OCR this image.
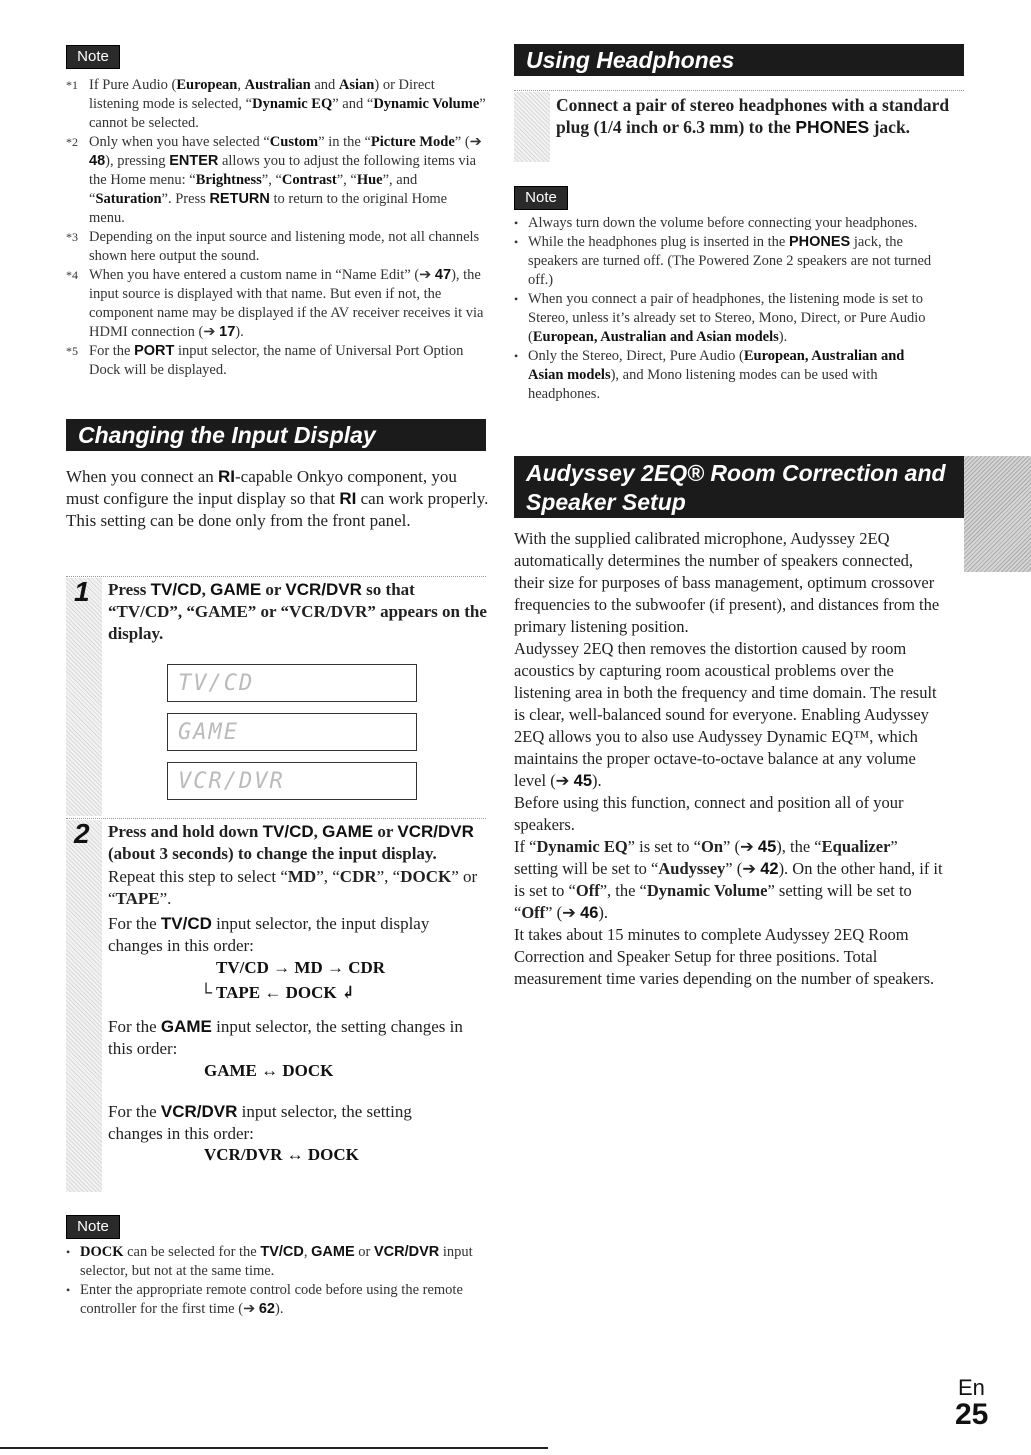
Note
*1 If Pure Audio (European, Australian and Asian) or Direct listening mode is selected, “Dynamic EQ” and “Dynamic Volume” cannot be selected.
*2 Only when you have selected “Custom” in the “Picture Mode” (➔ 48), pressing ENTER allows you to adjust the following items via the Home menu: “Brightness”, “Contrast”, “Hue”, and “Saturation”. Press RETURN to return to the original Home menu.
*3 Depending on the input source and listening mode, not all channels shown here output the sound.
*4 When you have entered a custom name in “Name Edit” (➔ 47), the input source is displayed with that name. But even if not, the component name may be displayed if the AV receiver receives it via HDMI connection (➔ 17).
*5 For the PORT input selector, the name of Universal Port Option Dock will be displayed.
Changing the Input Display
When you connect an RI-capable Onkyo component, you must configure the input display so that RI can work properly.
This setting can be done only from the front panel.
1 Press TV/CD, GAME or VCR/DVR so that “TV/CD”, “GAME” or “VCR/DVR” appears on the display.
TV/CD
GAME
VCR/DVR
2 Press and hold down TV/CD, GAME or VCR/DVR (about 3 seconds) to change the input display.
Repeat this step to select “MD”, “CDR”, “DOCK” or “TAPE”.
For the TV/CD input selector, the input display changes in this order:
TV/CD → MD → CDR
└ TAPE ← DOCK ↲
For the GAME input selector, the setting changes in this order:
GAME ↔ DOCK
For the VCR/DVR input selector, the setting changes in this order:
VCR/DVR ↔ DOCK
Note
• DOCK can be selected for the TV/CD, GAME or VCR/DVR input selector, but not at the same time.
• Enter the appropriate remote control code before using the remote controller for the first time (➔ 62).
Using Headphones
Connect a pair of stereo headphones with a standard plug (1/4 inch or 6.3 mm) to the PHONES jack.
Note
• Always turn down the volume before connecting your headphones.
• While the headphones plug is inserted in the PHONES jack, the speakers are turned off. (The Powered Zone 2 speakers are not turned off.)
• When you connect a pair of headphones, the listening mode is set to Stereo, unless it’s already set to Stereo, Mono, Direct, or Pure Audio (European, Australian and Asian models).
• Only the Stereo, Direct, Pure Audio (European, Australian and Asian models), and Mono listening modes can be used with headphones.
Audyssey 2EQ® Room Correction and
Speaker Setup
With the supplied calibrated microphone, Audyssey 2EQ automatically determines the number of speakers connected, their size for purposes of bass management, optimum crossover frequencies to the subwoofer (if present), and distances from the primary listening position.
Audyssey 2EQ then removes the distortion caused by room acoustics by capturing room acoustical problems over the listening area in both the frequency and time domain. The result is clear, well-balanced sound for everyone. Enabling Audyssey 2EQ allows you to also use Audyssey Dynamic EQ™, which maintains the proper octave-to-octave balance at any volume level (➔ 45).
Before using this function, connect and position all of your speakers.
If “Dynamic EQ” is set to “On” (➔ 45), the “Equalizer” setting will be set to “Audyssey” (➔ 42). On the other hand, if it is set to “Off”, the “Dynamic Volume” setting will be set to “Off” (➔ 46).
It takes about 15 minutes to complete Audyssey 2EQ Room Correction and Speaker Setup for three positions. Total measurement time varies depending on the number of speakers.
En
25
